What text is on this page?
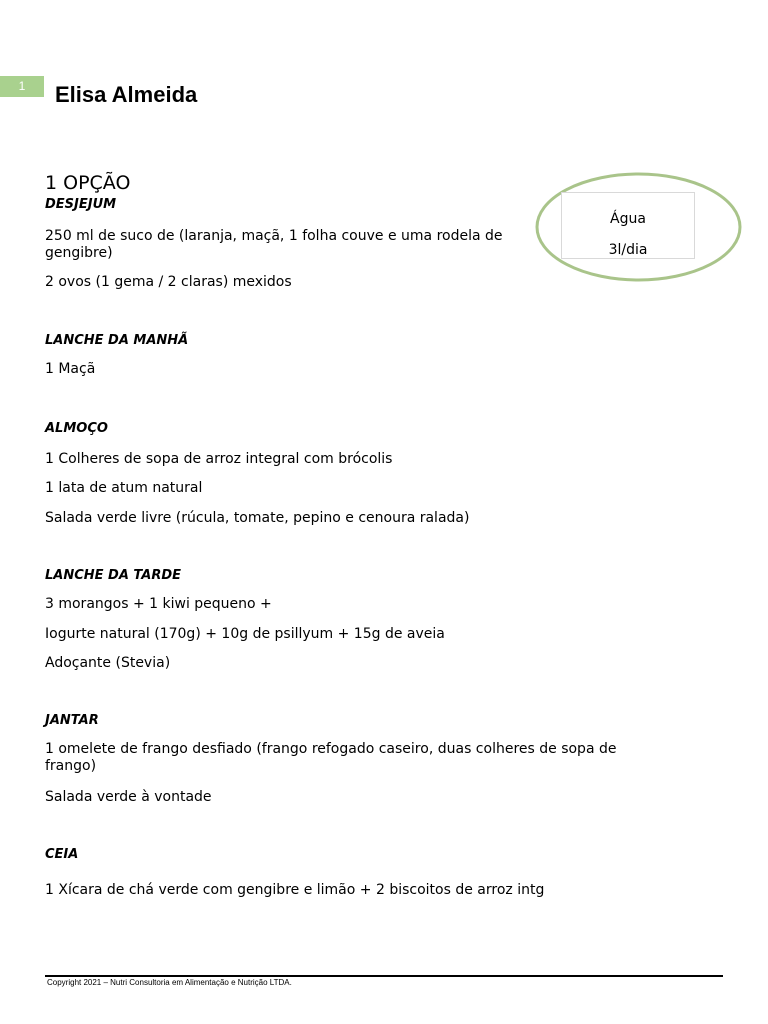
1	Elisa Almeida
1 OPÇÃO
Água
3l/dia
DESJEJUM
250 ml de suco de (laranja, maçã, 1 folha couve e uma rodela de gengibre)
2 ovos (1 gema / 2 claras) mexidos
LANCHE DA MANHÃ
1 Maçã
ALMOÇO
1 Colheres de sopa de arroz integral com brócolis
1 lata de atum natural
Salada verde livre (rúcula, tomate, pepino e cenoura ralada)
LANCHE DA TARDE
3 morangos + 1 kiwi pequeno +
Iogurte natural (170g) + 10g de psillyum + 15g de aveia
Adoçante (Stevia)
JANTAR
1 omelete de frango desfiado (frango refogado caseiro, duas colheres de sopa de frango)
Salada verde à vontade
CEIA
1 Xícara de chá verde com gengibre e limão + 2 biscoitos de arroz intg
Copyright 2021 – Nutri Consultoria em Alimentação e Nutrição LTDA.
